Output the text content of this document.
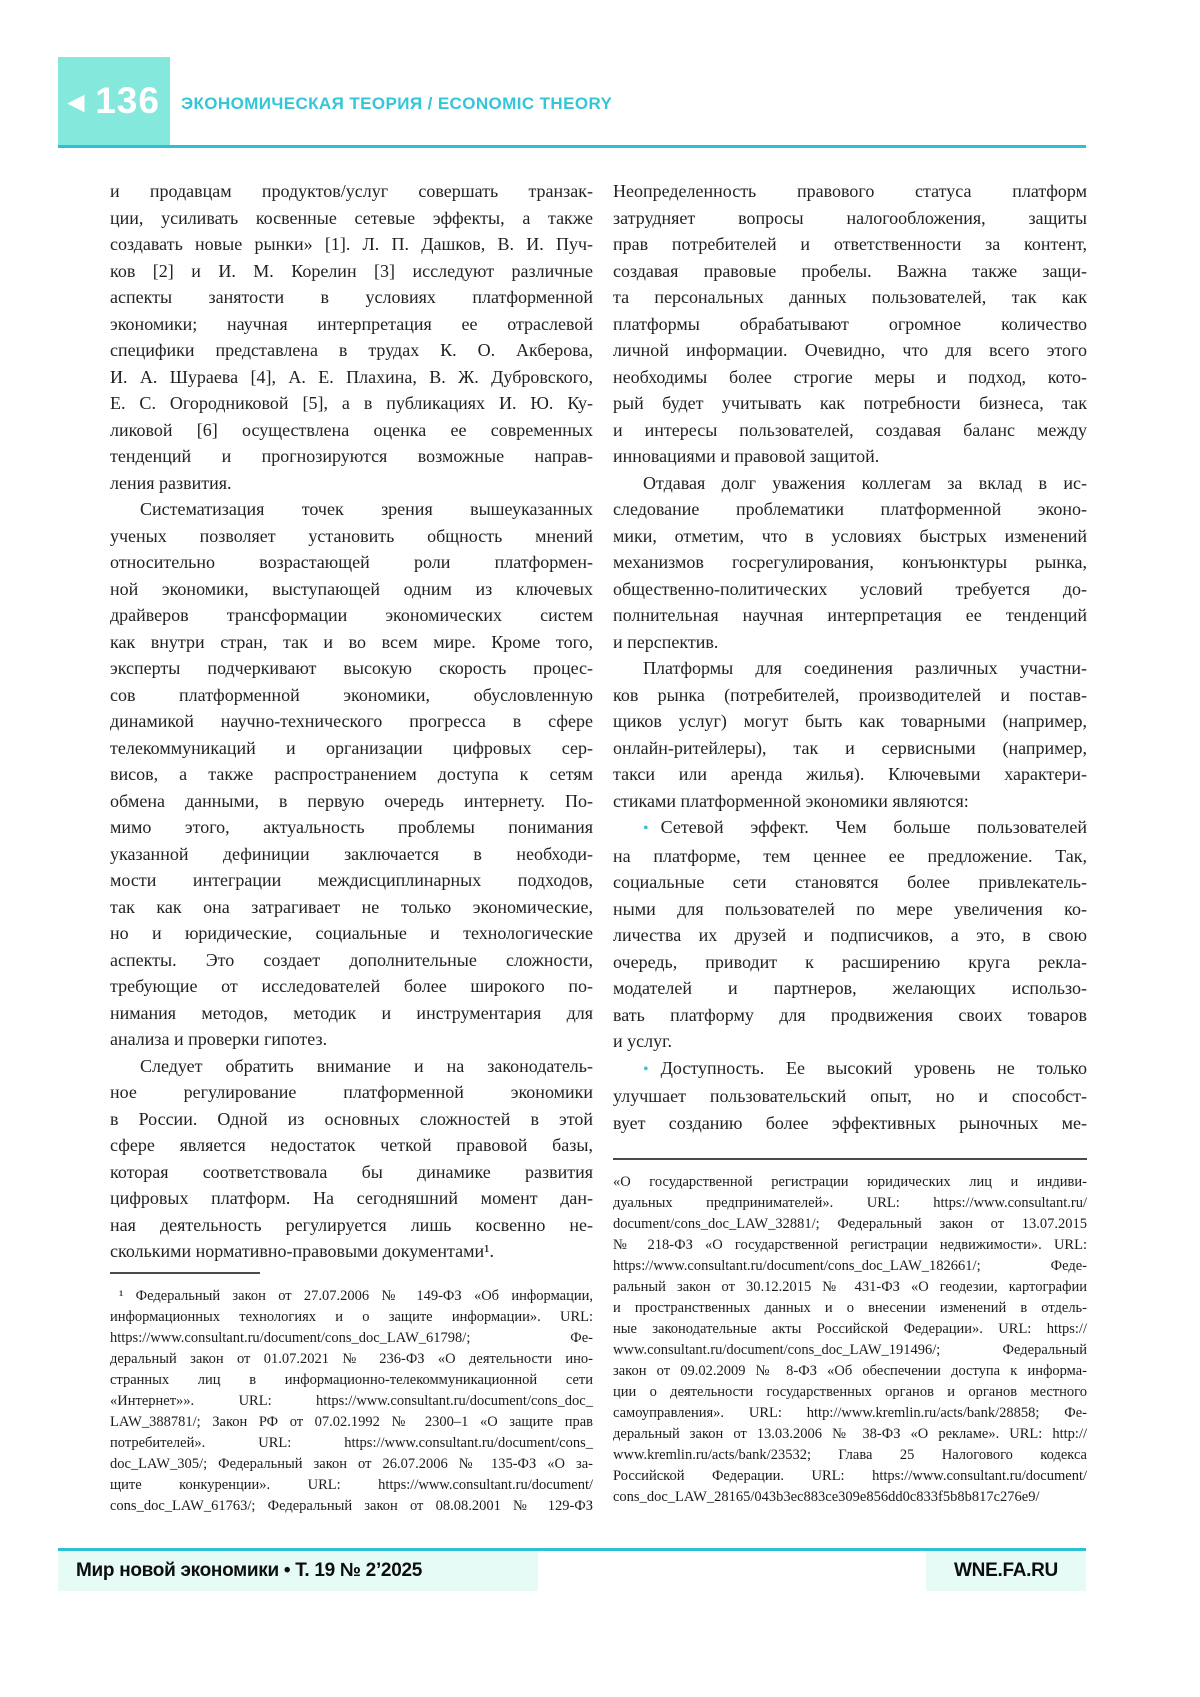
◀ 136 ЭКОНОМИЧЕСКАЯ ТЕОРИЯ / ECONOMIC THEORY
и продавцам продуктов/услуг совершать транзак-
ции, усиливать косвенные сетевые эффекты, а также
создавать новые рынки» [1]. Л. П. Дашков, В. И. Пуч-
ков [2] и И. М. Корелин [3] исследуют различные
аспекты занятости в условиях платформенной
экономики; научная интерпретация ее отраслевой
специфики представлена в трудах К. О. Акберова,
И. А. Шураева [4], А. Е. Плахина, В. Ж. Дубровского,
Е. С. Огородниковой [5], а в публикациях И. Ю. Ку-
ликовой [6] осуществлена оценка ее современных
тенденций и прогнозируются возможные направ-
ления развития.
Систематизация точек зрения вышеуказанных
ученых позволяет установить общность мнений
относительно возрастающей роли платформен-
ной экономики, выступающей одним из ключевых
драйверов трансформации экономических систем
как внутри стран, так и во всем мире. Кроме того,
эксперты подчеркивают высокую скорость процес-
сов платформенной экономики, обусловленную
динамикой научно-технического прогресса в сфере
телекоммуникаций и организации цифровых сер-
висов, а также распространением доступа к сетям
обмена данными, в первую очередь интернету. По-
мимо этого, актуальность проблемы понимания
указанной дефиниции заключается в необходи-
мости интеграции междисциплинарных подходов,
так как она затрагивает не только экономические,
но и юридические, социальные и технологические
аспекты. Это создает дополнительные сложности,
требующие от исследователей более широкого по-
нимания методов, методик и инструментария для
анализа и проверки гипотез.
Следует обратить внимание и на законодатель-
ное регулирование платформенной экономики
в России. Одной из основных сложностей в этой
сфере является недостаток четкой правовой базы,
которая соответствовала бы динамике развития
цифровых платформ. На сегодняшний момент дан-
ная деятельность регулируется лишь косвенно не-
сколькими нормативно-правовыми документами¹.
Неопределенность правового статуса платформ
затрудняет вопросы налогообложения, защиты
прав потребителей и ответственности за контент,
создавая правовые пробелы. Важна также защи-
та персональных данных пользователей, так как
платформы обрабатывают огромное количество
личной информации. Очевидно, что для всего этого
необходимы более строгие меры и подход, кото-
рый будет учитывать как потребности бизнеса, так
и интересы пользователей, создавая баланс между
инновациями и правовой защитой.
Отдавая долг уважения коллегам за вклад в ис-
следование проблематики платформенной эконо-
мики, отметим, что в условиях быстрых изменений
механизмов госрегулирования, конъюнктуры рынка,
общественно-политических условий требуется до-
полнительная научная интерпретация ее тенденций
и перспектив.
Платформы для соединения различных участни-
ков рынка (потребителей, производителей и постав-
щиков услуг) могут быть как товарными (например,
онлайн-ритейлеры), так и сервисными (например,
такси или аренда жилья). Ключевыми характери-
стиками платформенной экономики являются:
• Сетевой эффект. Чем больше пользователей
на платформе, тем ценнее ее предложение. Так,
социальные сети становятся более привлекатель-
ными для пользователей по мере увеличения ко-
личества их друзей и подписчиков, а это, в свою
очередь, приводит к расширению круга рекла-
модателей и партнеров, желающих использо-
вать платформу для продвижения своих товаров
и услуг.
• Доступность. Ее высокий уровень не только
улучшает пользовательский опыт, но и способст-
вует созданию более эффективных рыночных ме-
¹ Федеральный закон от 27.07.2006 № 149-ФЗ «Об информации,
информационных технологиях и о защите информации». URL:
https://www.consultant.ru/document/cons_doc_LAW_61798/; Фе-
деральный закон от 01.07.2021 № 236-ФЗ «О деятельности ино-
странных лиц в информационно-телекоммуникационной сети
«Интернет»». URL: https://www.consultant.ru/document/cons_doc_
LAW_388781/; Закон РФ от 07.02.1992 № 2300–1 «О защите прав
потребителей». URL: https://www.consultant.ru/document/cons_
doc_LAW_305/; Федеральный закон от 26.07.2006 № 135-ФЗ «О за-
щите конкуренции». URL: https://www.consultant.ru/document/
cons_doc_LAW_61763/; Федеральный закон от 08.08.2001 № 129-ФЗ
«О государственной регистрации юридических лиц и индиви-
дуальных предпринимателей». URL: https://www.consultant.ru/
document/cons_doc_LAW_32881/; Федеральный закон от 13.07.2015
№ 218-ФЗ «О государственной регистрации недвижимости». URL:
https://www.consultant.ru/document/cons_doc_LAW_182661/; Феде-
ральный закон от 30.12.2015 № 431-ФЗ «О геодезии, картографии
и пространственных данных и о внесении изменений в отдель-
ные законодательные акты Российской Федерации». URL: https://
www.consultant.ru/document/cons_doc_LAW_191496/; Федеральный
закон от 09.02.2009 № 8-ФЗ «Об обеспечении доступа к информа-
ции о деятельности государственных органов и органов местного
самоуправления». URL: http://www.kremlin.ru/acts/bank/28858; Фе-
деральный закон от 13.03.2006 № 38-ФЗ «О рекламе». URL: http://
www.kremlin.ru/acts/bank/23532; Глава 25 Налогового кодекса
Российской Федерации. URL: https://www.consultant.ru/document/
cons_doc_LAW_28165/043b3ec883ce309e856dd0c833f5b8b817c276e9/
Мир новой экономики • Т. 19 № 2’2025	WNE.FA.RU
